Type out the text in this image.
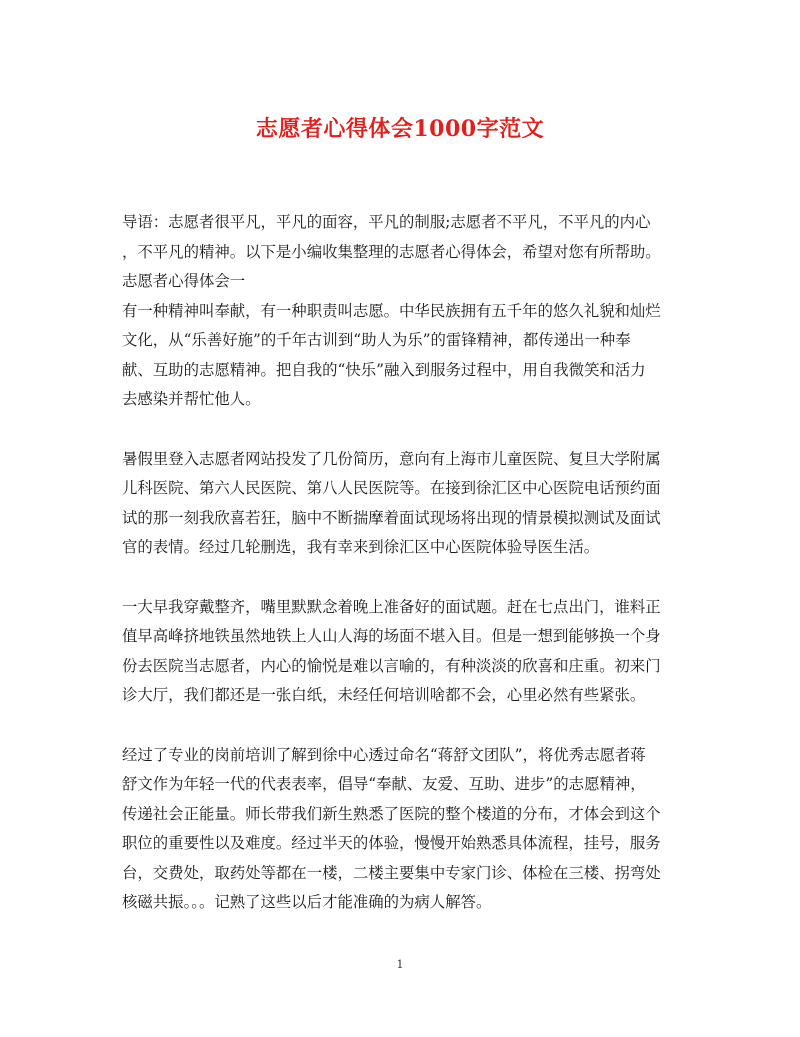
志愿者心得体会1000字范文
导语：志愿者很平凡，平凡的面容，平凡的制服;志愿者不平凡，不平凡的内心
，不平凡的精神。以下是小编收集整理的志愿者心得体会，希望对您有所帮助。
志愿者心得体会一
有一种精神叫奉献，有一种职责叫志愿。中华民族拥有五千年的悠久礼貌和灿烂
文化，从“乐善好施”的千年古训到“助人为乐”的雷锋精神，都传递出一种奉
献、互助的志愿精神。把自我的“快乐”融入到服务过程中，用自我微笑和活力
去感染并帮忙他人。
暑假里登入志愿者网站投发了几份简历，意向有上海市儿童医院、复旦大学附属
儿科医院、第六人民医院、第八人民医院等。在接到徐汇区中心医院电话预约面
试的那一刻我欣喜若狂，脑中不断揣摩着面试现场将出现的情景模拟测试及面试
官的表情。经过几轮删选，我有幸来到徐汇区中心医院体验导医生活。
一大早我穿戴整齐，嘴里默默念着晚上准备好的面试题。赶在七点出门，谁料正
值早高峰挤地铁虽然地铁上人山人海的场面不堪入目。但是一想到能够换一个身
份去医院当志愿者，内心的愉悦是难以言喻的，有种淡淡的欣喜和庄重。初来门
诊大厅，我们都还是一张白纸，未经任何培训啥都不会，心里必然有些紧张。
经过了专业的岗前培训了解到徐中心透过命名“蒋舒文团队”，将优秀志愿者蒋
舒文作为年轻一代的代表表率，倡导“奉献、友爱、互助、进步”的志愿精神，
传递社会正能量。师长带我们新生熟悉了医院的整个楼道的分布，才体会到这个
职位的重要性以及难度。经过半天的体验，慢慢开始熟悉具体流程，挂号，服务
台，交费处，取药处等都在一楼，二楼主要集中专家门诊、体检在三楼、拐弯处
核磁共振。。。记熟了这些以后才能准确的为病人解答。
1
